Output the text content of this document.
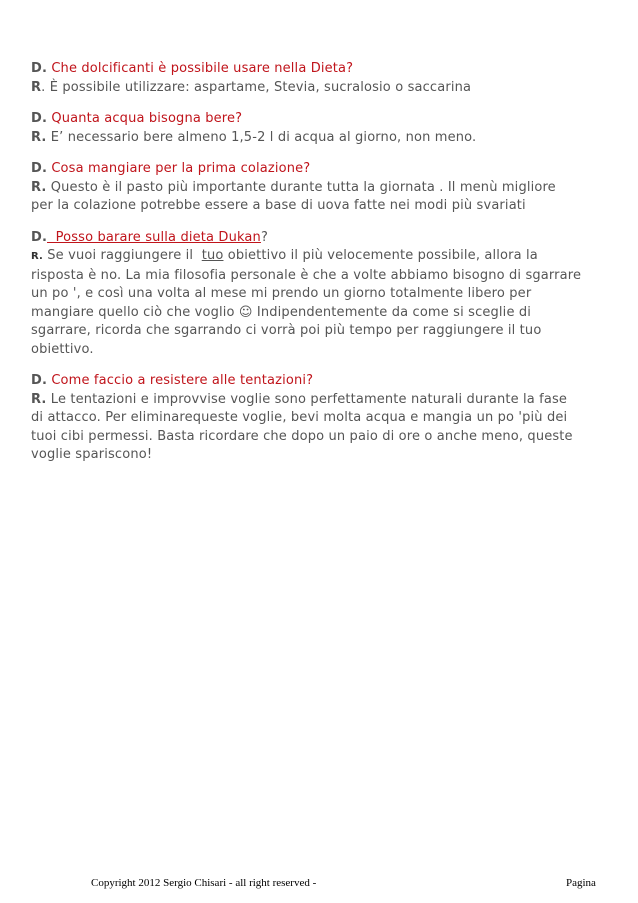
D. Che dolcificanti è possibile usare nella Dieta?
R. È possibile utilizzare: aspartame, Stevia, sucralosio o saccarina
D. Quanta acqua bisogna bere?
R. E’ necessario bere almeno 1,5-2 l di acqua al giorno, non meno.
D. Cosa mangiare per la prima colazione?
R. Questo è il pasto più importante durante tutta la giornata . Il menù migliore
per la colazione potrebbe essere a base di uova fatte nei modi più svariati
D.  Posso barare sulla dieta Dukan?
R. Se vuoi raggiungere il  tuo obiettivo il più velocemente possibile, allora la
risposta è no. La mia filosofia personale è che a volte abbiamo bisogno di sgarrare
un po ', e così una volta al mese mi prendo un giorno totalmente libero per
mangiare quello ciò che voglio ☺ Indipendentemente da come si sceglie di
sgarrare, ricorda che sgarrando ci vorrà poi più tempo per raggiungere il tuo
obiettivo.
D. Come faccio a resistere alle tentazioni?
R. Le tentazioni e improvvise voglie sono perfettamente naturali durante la fase
di attacco. Per eliminarequeste voglie, bevi molta acqua e mangia un po 'più dei
tuoi cibi permessi. Basta ricordare che dopo un paio di ore o anche meno, queste
voglie spariscono!
Copyright 2012 Sergio Chisari - all right reserved -	Pagina
